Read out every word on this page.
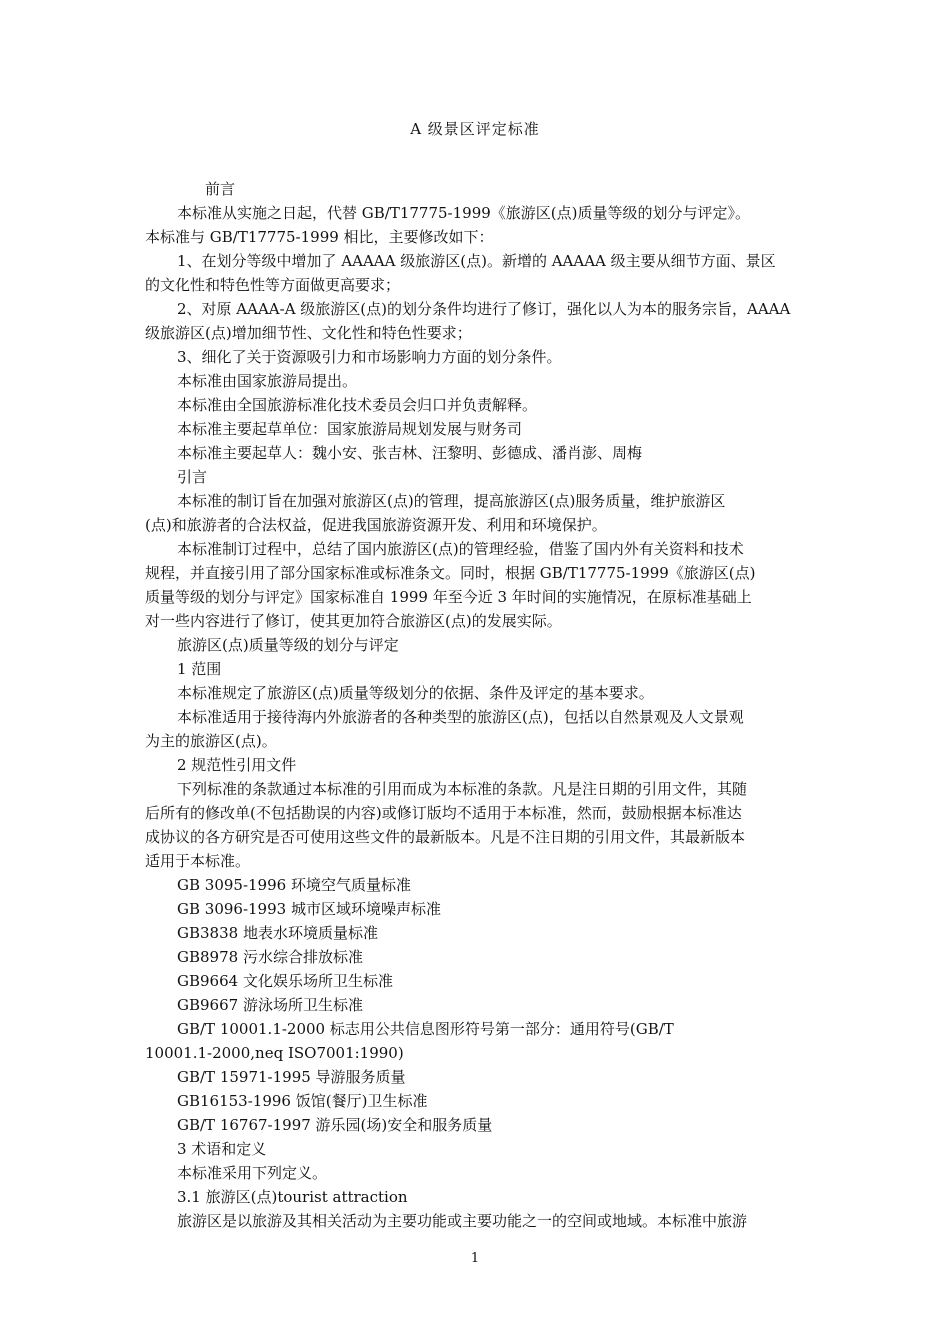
A 级景区评定标准

前言

本标准从实施之日起，代替 GB/T17775-1999《旅游区(点)质量等级的划分与评定》。

本标准与 GB/T17775-1999 相比，主要修改如下：

1、在划分等级中增加了 AAAAA 级旅游区(点)。新增的 AAAAA 级主要从细节方面、景区

的文化性和特色性等方面做更高要求；

2、对原 AAAA-A 级旅游区(点)的划分条件均进行了修订，强化以人为本的服务宗旨，AAAA

级旅游区(点)增加细节性、文化性和特色性要求；

3、细化了关于资源吸引力和市场影响力方面的划分条件。

本标准由国家旅游局提出。

本标准由全国旅游标准化技术委员会归口并负责解释。

本标准主要起草单位：国家旅游局规划发展与财务司

本标准主要起草人：魏小安、张吉林、汪黎明、彭德成、潘肖澎、周梅

引言

本标准的制订旨在加强对旅游区(点)的管理，提高旅游区(点)服务质量，维护旅游区

(点)和旅游者的合法权益，促进我国旅游资源开发、利用和环境保护。

本标准制订过程中，总结了国内旅游区(点)的管理经验，借鉴了国内外有关资料和技术

规程，并直接引用了部分国家标准或标准条文。同时，根据 GB/T17775-1999《旅游区(点)

质量等级的划分与评定》国家标准自 1999 年至今近 3 年时间的实施情况，在原标准基础上

对一些内容进行了修订，使其更加符合旅游区(点)的发展实际。

旅游区(点)质量等级的划分与评定

1 范围

本标准规定了旅游区(点)质量等级划分的依据、条件及评定的基本要求。

本标准适用于接待海内外旅游者的各种类型的旅游区(点)，包括以自然景观及人文景观

为主的旅游区(点)。

2 规范性引用文件

下列标准的条款通过本标准的引用而成为本标准的条款。凡是注日期的引用文件，其随

后所有的修改单(不包括勘误的内容)或修订版均不适用于本标准，然而，鼓励根据本标准达

成协议的各方研究是否可使用这些文件的最新版本。凡是不注日期的引用文件，其最新版本

适用于本标准。

GB 3095-1996 环境空气质量标准

GB 3096-1993 城市区域环境噪声标准

GB3838 地表水环境质量标准

GB8978 污水综合排放标准

GB9664 文化娱乐场所卫生标准

GB9667 游泳场所卫生标准

GB/T 10001.1-2000 标志用公共信息图形符号第一部分：通用符号(GB/T

10001.1-2000,neq ISO7001:1990)

GB/T 15971-1995 导游服务质量

GB16153-1996 饭馆(餐厅)卫生标准

GB/T 16767-1997 游乐园(场)安全和服务质量

3 术语和定义

本标准采用下列定义。

3.1 旅游区(点)tourist attraction

旅游区是以旅游及其相关活动为主要功能或主要功能之一的空间或地域。本标准中旅游

1
